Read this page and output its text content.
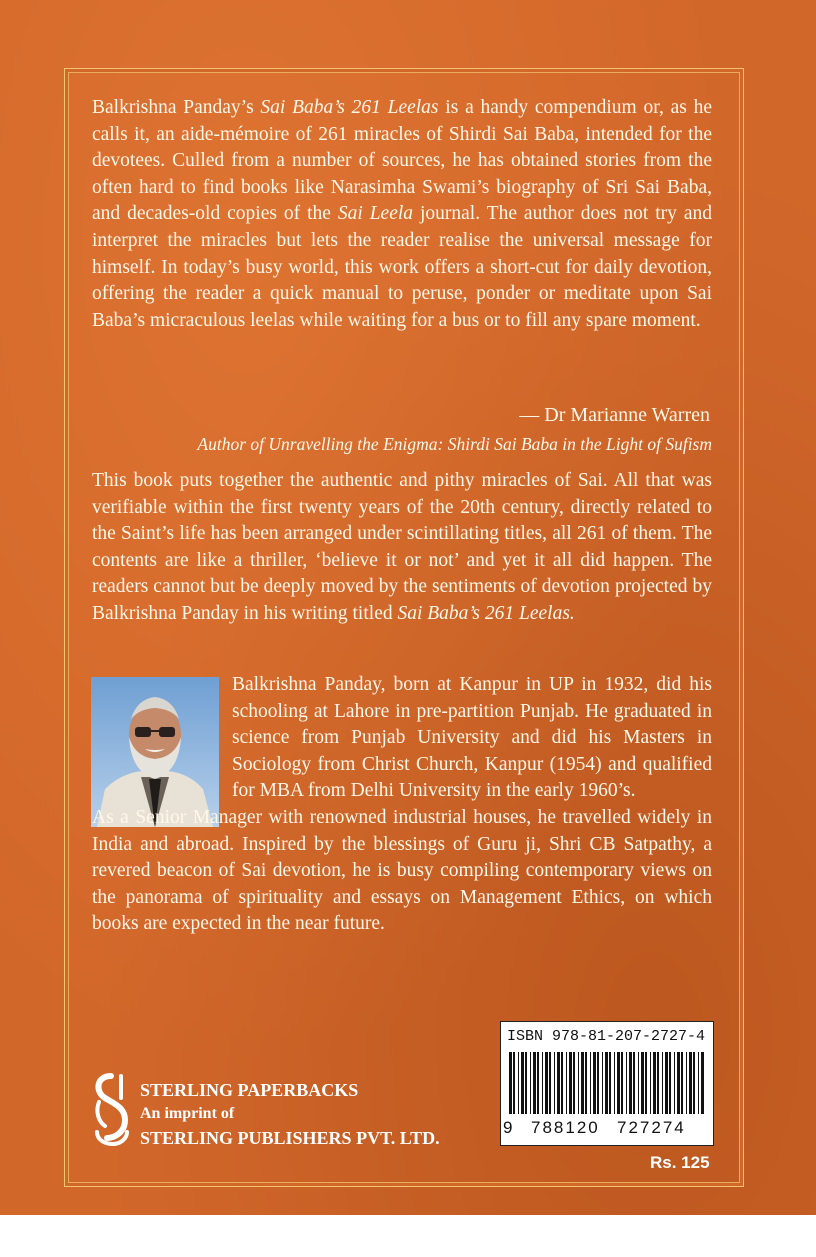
Balkrishna Panday’s Sai Baba’s 261 Leelas is a handy compendium or, as he calls it, an aide-mémoire of 261 miracles of Shirdi Sai Baba, intended for the devotees. Culled from a number of sources, he has obtained stories from the often hard to find books like Narasimha Swami’s biography of Sri Sai Baba, and decades-old copies of the Sai Leela journal. The author does not try and interpret the miracles but lets the reader realise the universal message for himself. In today’s busy world, this work offers a short-cut for daily devotion, offering the reader a quick manual to peruse, ponder or meditate upon Sai Baba’s micraculous leelas while waiting for a bus or to fill any spare moment.
— Dr Marianne Warren
Author of Unravelling the Enigma: Shirdi Sai Baba in the Light of Sufism
This book puts together the authentic and pithy miracles of Sai. All that was verifiable within the first twenty years of the 20th century, directly related to the Saint’s life has been arranged under scintillating titles, all 261 of them. The contents are like a thriller, ‘believe it or not’ and yet it all did happen. The readers cannot but be deeply moved by the sentiments of devotion projected by Balkrishna Panday in his writing titled Sai Baba’s 261 Leelas.
Balkrishna Panday, born at Kanpur in UP in 1932, did his schooling at Lahore in pre-partition Punjab. He graduated in science from Punjab University and did his Masters in Sociology from Christ Church, Kanpur (1954) and qualified for MBA from Delhi University in the early 1960’s.
As a Senior Manager with renowned industrial houses, he travelled widely in India and abroad. Inspired by the blessings of Guru ji, Shri CB Satpathy, a revered beacon of Sai devotion, he is busy compiling contemporary views on the panorama of spirituality and essays on Management Ethics, on which books are expected in the near future.
STERLING PAPERBACKS
An imprint of
STERLING PUBLISHERS PVT. LTD.
ISBN 978-81-207-2727-4
9 788120 727274
Rs. 125
